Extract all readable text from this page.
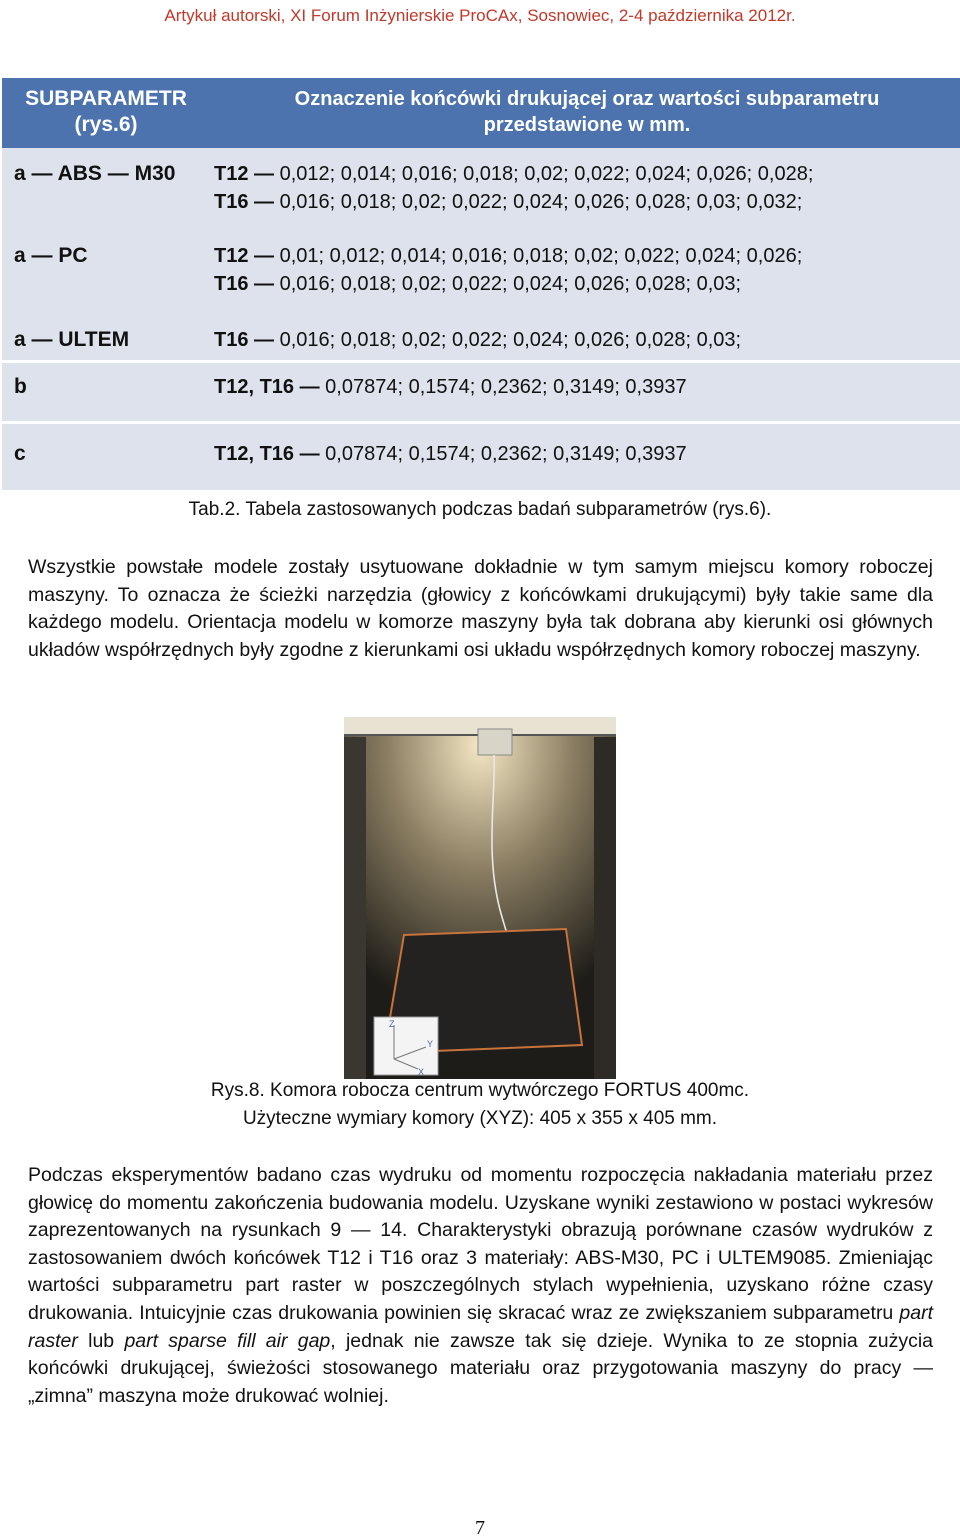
Artykuł autorski, XI Forum Inżynierskie ProCAx, Sosnowiec, 2-4 października 2012r.
SUBPARAMETR
(rys.6)
Oznaczenie końcówki drukującej oraz wartości subparametru
przedstawione w mm.
a — ABS — M30	T12 — 0,012; 0,014; 0,016; 0,018; 0,02; 0,022; 0,024; 0,026; 0,028;
T16 — 0,016; 0,018; 0,02; 0,022; 0,024; 0,026; 0,028; 0,03; 0,032;
a — PC	T12 — 0,01; 0,012; 0,014; 0,016; 0,018; 0,02; 0,022; 0,024; 0,026;
T16 — 0,016; 0,018; 0,02; 0,022; 0,024; 0,026; 0,028; 0,03;
a — ULTEM	T16 — 0,016; 0,018; 0,02; 0,022; 0,024; 0,026; 0,028; 0,03;
b	T12, T16 — 0,07874; 0,1574; 0,2362; 0,3149; 0,3937
c	T12, T16 — 0,07874; 0,1574; 0,2362; 0,3149; 0,3937
Tab.2. Tabela zastosowanych podczas badań subparametrów (rys.6).

Wszystkie powstałe modele zostały usytuowane dokładnie w tym samym miejscu komory roboczej maszyny. To oznacza że ścieżki narzędzia (głowicy z końcówkami drukującymi) były takie same dla każdego modelu. Orientacja modelu w komorze maszyny była tak dobrana aby kierunki osi głównych układów współrzędnych były zgodne z kierunkami osi układu współrzędnych komory roboczej maszyny.

Z
Y
X
Rys.8. Komora robocza centrum wytwórczego FORTUS 400mc.
Użyteczne wymiary komory (XYZ): 405 x 355 x 405 mm.

Podczas eksperymentów badano czas wydruku od momentu rozpoczęcia nakładania materiału przez głowicę do momentu zakończenia budowania modelu. Uzyskane wyniki zestawiono w postaci wykresów zaprezentowanych na rysunkach 9 — 14. Charakterystyki obrazują porównane czasów wydruków z zastosowaniem dwóch końcówek T12 i T16 oraz 3 materiały: ABS-M30, PC i ULTEM9085. Zmieniając wartości subparametru part raster w poszczególnych stylach wypełnienia, uzyskano różne czasy drukowania. Intuicyjnie czas drukowania powinien się skracać wraz ze zwiększaniem subparametru part raster lub part sparse fill air gap, jednak nie zawsze tak się dzieje. Wynika to ze stopnia zużycia końcówki drukującej, świeżości stosowanego materiału oraz przygotowania maszyny do pracy — „zimna” maszyna może drukować wolniej.

7
